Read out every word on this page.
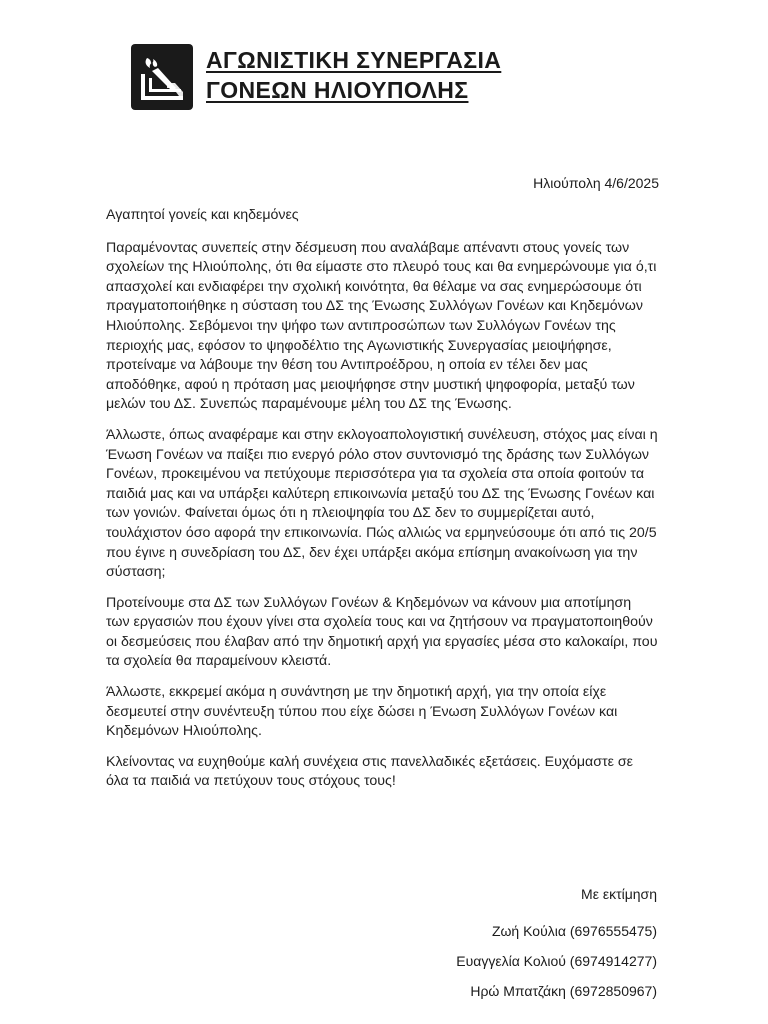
ΑΓΩΝΙΣΤΙΚΗ ΣΥΝΕΡΓΑΣΙΑ
ΓΟΝΕΩΝ ΗΛΙΟΥΠΟΛΗΣ
Ηλιούπολη 4/6/2025

Αγαπητοί γονείς και κηδεμόνες

Παραμένοντας συνεπείς στην δέσμευση που αναλάβαμε απέναντι στους γονείς των σχολείων της Ηλιούπολης, ότι θα είμαστε στο πλευρό τους και θα ενημερώνουμε για ό,τι απασχολεί και ενδιαφέρει την σχολική κοινότητα, θα θέλαμε να σας ενημερώσουμε ότι πραγματοποιήθηκε η σύσταση του ΔΣ της Ένωσης Συλλόγων Γονέων και Κηδεμόνων Ηλιούπολης. Σεβόμενοι την ψήφο των αντιπροσώπων των Συλλόγων Γονέων της περιοχής μας, εφόσον το ψηφοδέλτιο της Αγωνιστικής Συνεργασίας μειοψήφησε, προτείναμε να λάβουμε την θέση του Αντιπροέδρου, η οποία εν τέλει δεν μας αποδόθηκε, αφού η πρόταση μας μειοψήφησε στην μυστική ψηφοφορία, μεταξύ των μελών του ΔΣ. Συνεπώς παραμένουμε μέλη του ΔΣ της Ένωσης.

Άλλωστε, όπως αναφέραμε και στην εκλογοαπολογιστική συνέλευση, στόχος μας είναι η Ένωση Γονέων να παίξει πιο ενεργό ρόλο στον συντονισμό της δράσης των Συλλόγων Γονέων, προκειμένου να πετύχουμε περισσότερα για τα σχολεία στα οποία φοιτούν τα παιδιά μας και να υπάρξει καλύτερη επικοινωνία μεταξύ του ΔΣ της Ένωσης Γονέων και των γονιών. Φαίνεται όμως ότι η πλειοψηφία του ΔΣ δεν το συμμερίζεται αυτό, τουλάχιστον όσο αφορά την επικοινωνία. Πώς αλλιώς να ερμηνεύσουμε ότι από τις 20/5 που έγινε η συνεδρίαση του ΔΣ, δεν έχει υπάρξει ακόμα επίσημη ανακοίνωση για την σύσταση;

Προτείνουμε στα ΔΣ των Συλλόγων Γονέων & Κηδεμόνων να κάνουν μια αποτίμηση των εργασιών που έχουν γίνει στα σχολεία τους και να ζητήσουν να πραγματοποιηθούν οι δεσμεύσεις που έλαβαν από την δημοτική αρχή για εργασίες μέσα στο καλοκαίρι, που τα σχολεία θα παραμείνουν κλειστά.

Άλλωστε, εκκρεμεί ακόμα η συνάντηση με την δημοτική αρχή, για την οποία είχε δεσμευτεί στην συνέντευξη τύπου που είχε δώσει η Ένωση Συλλόγων Γονέων και Κηδεμόνων Ηλιούπολης.

Κλείνοντας να ευχηθούμε καλή συνέχεια στις πανελλαδικές εξετάσεις. Ευχόμαστε σε όλα τα παιδιά να πετύχουν τους στόχους τους!

Με εκτίμηση
Ζωή Κούλια (6976555475)
Ευαγγελία Κολιού (6974914277)
Ηρώ Μπατζάκη (6972850967)
